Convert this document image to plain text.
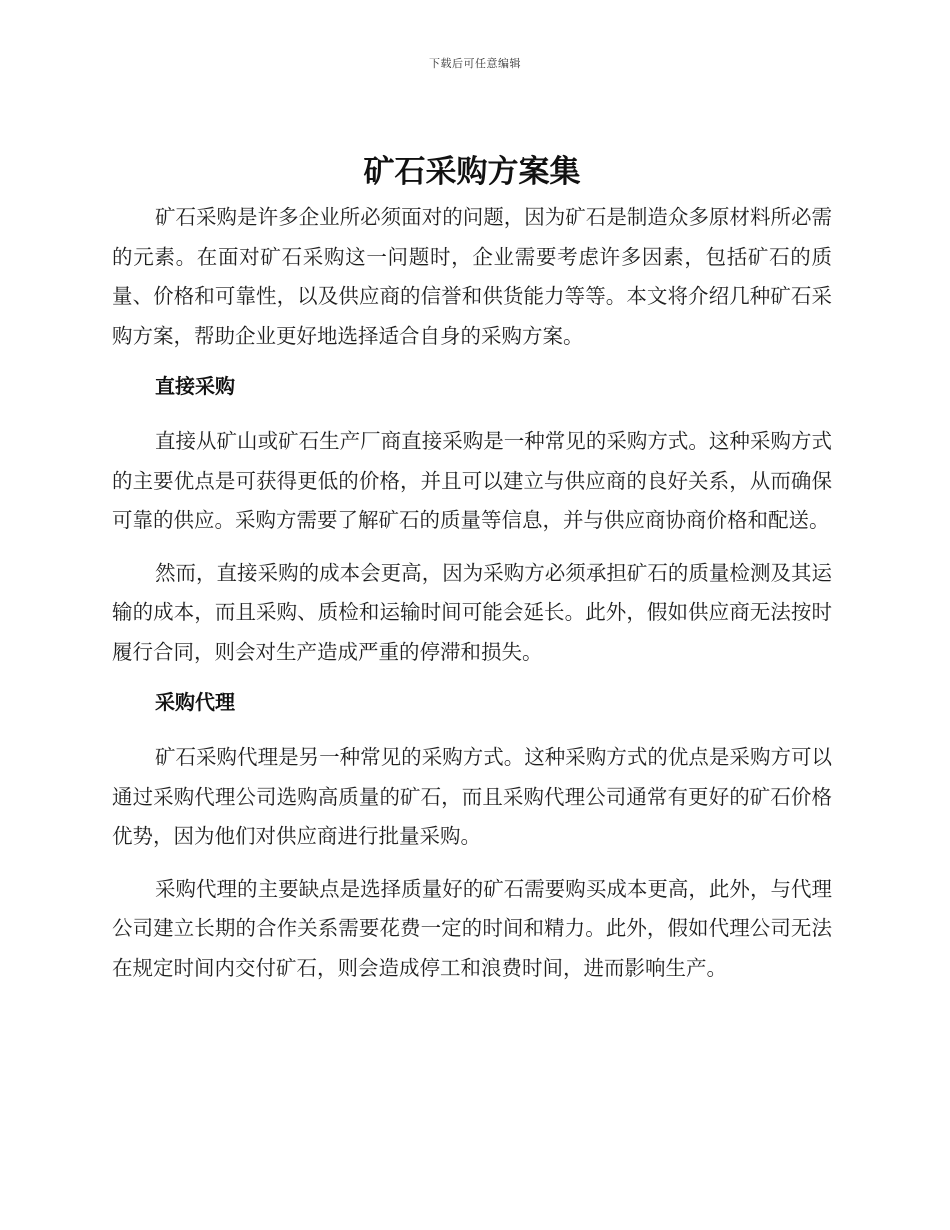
下载后可任意编辑
矿石采购方案集

矿石采购是许多企业所必须面对的问题，因为矿石是制造众多原材料所必需的元素。在面对矿石采购这一问题时，企业需要考虑许多因素，包括矿石的质量、价格和可靠性，以及供应商的信誉和供货能力等等。本文将介绍几种矿石采购方案，帮助企业更好地选择适合自身的采购方案。

直接采购

直接从矿山或矿石生产厂商直接采购是一种常见的采购方式。这种采购方式的主要优点是可获得更低的价格，并且可以建立与供应商的良好关系，从而确保可靠的供应。采购方需要了解矿石的质量等信息，并与供应商协商价格和配送。

然而，直接采购的成本会更高，因为采购方必须承担矿石的质量检测及其运输的成本，而且采购、质检和运输时间可能会延长。此外，假如供应商无法按时履行合同，则会对生产造成严重的停滞和损失。

采购代理

矿石采购代理是另一种常见的采购方式。这种采购方式的优点是采购方可以通过采购代理公司选购高质量的矿石，而且采购代理公司通常有更好的矿石价格优势，因为他们对供应商进行批量采购。

采购代理的主要缺点是选择质量好的矿石需要购买成本更高，此外，与代理公司建立长期的合作关系需要花费一定的时间和精力。此外，假如代理公司无法在规定时间内交付矿石，则会造成停工和浪费时间，进而影响生产。
